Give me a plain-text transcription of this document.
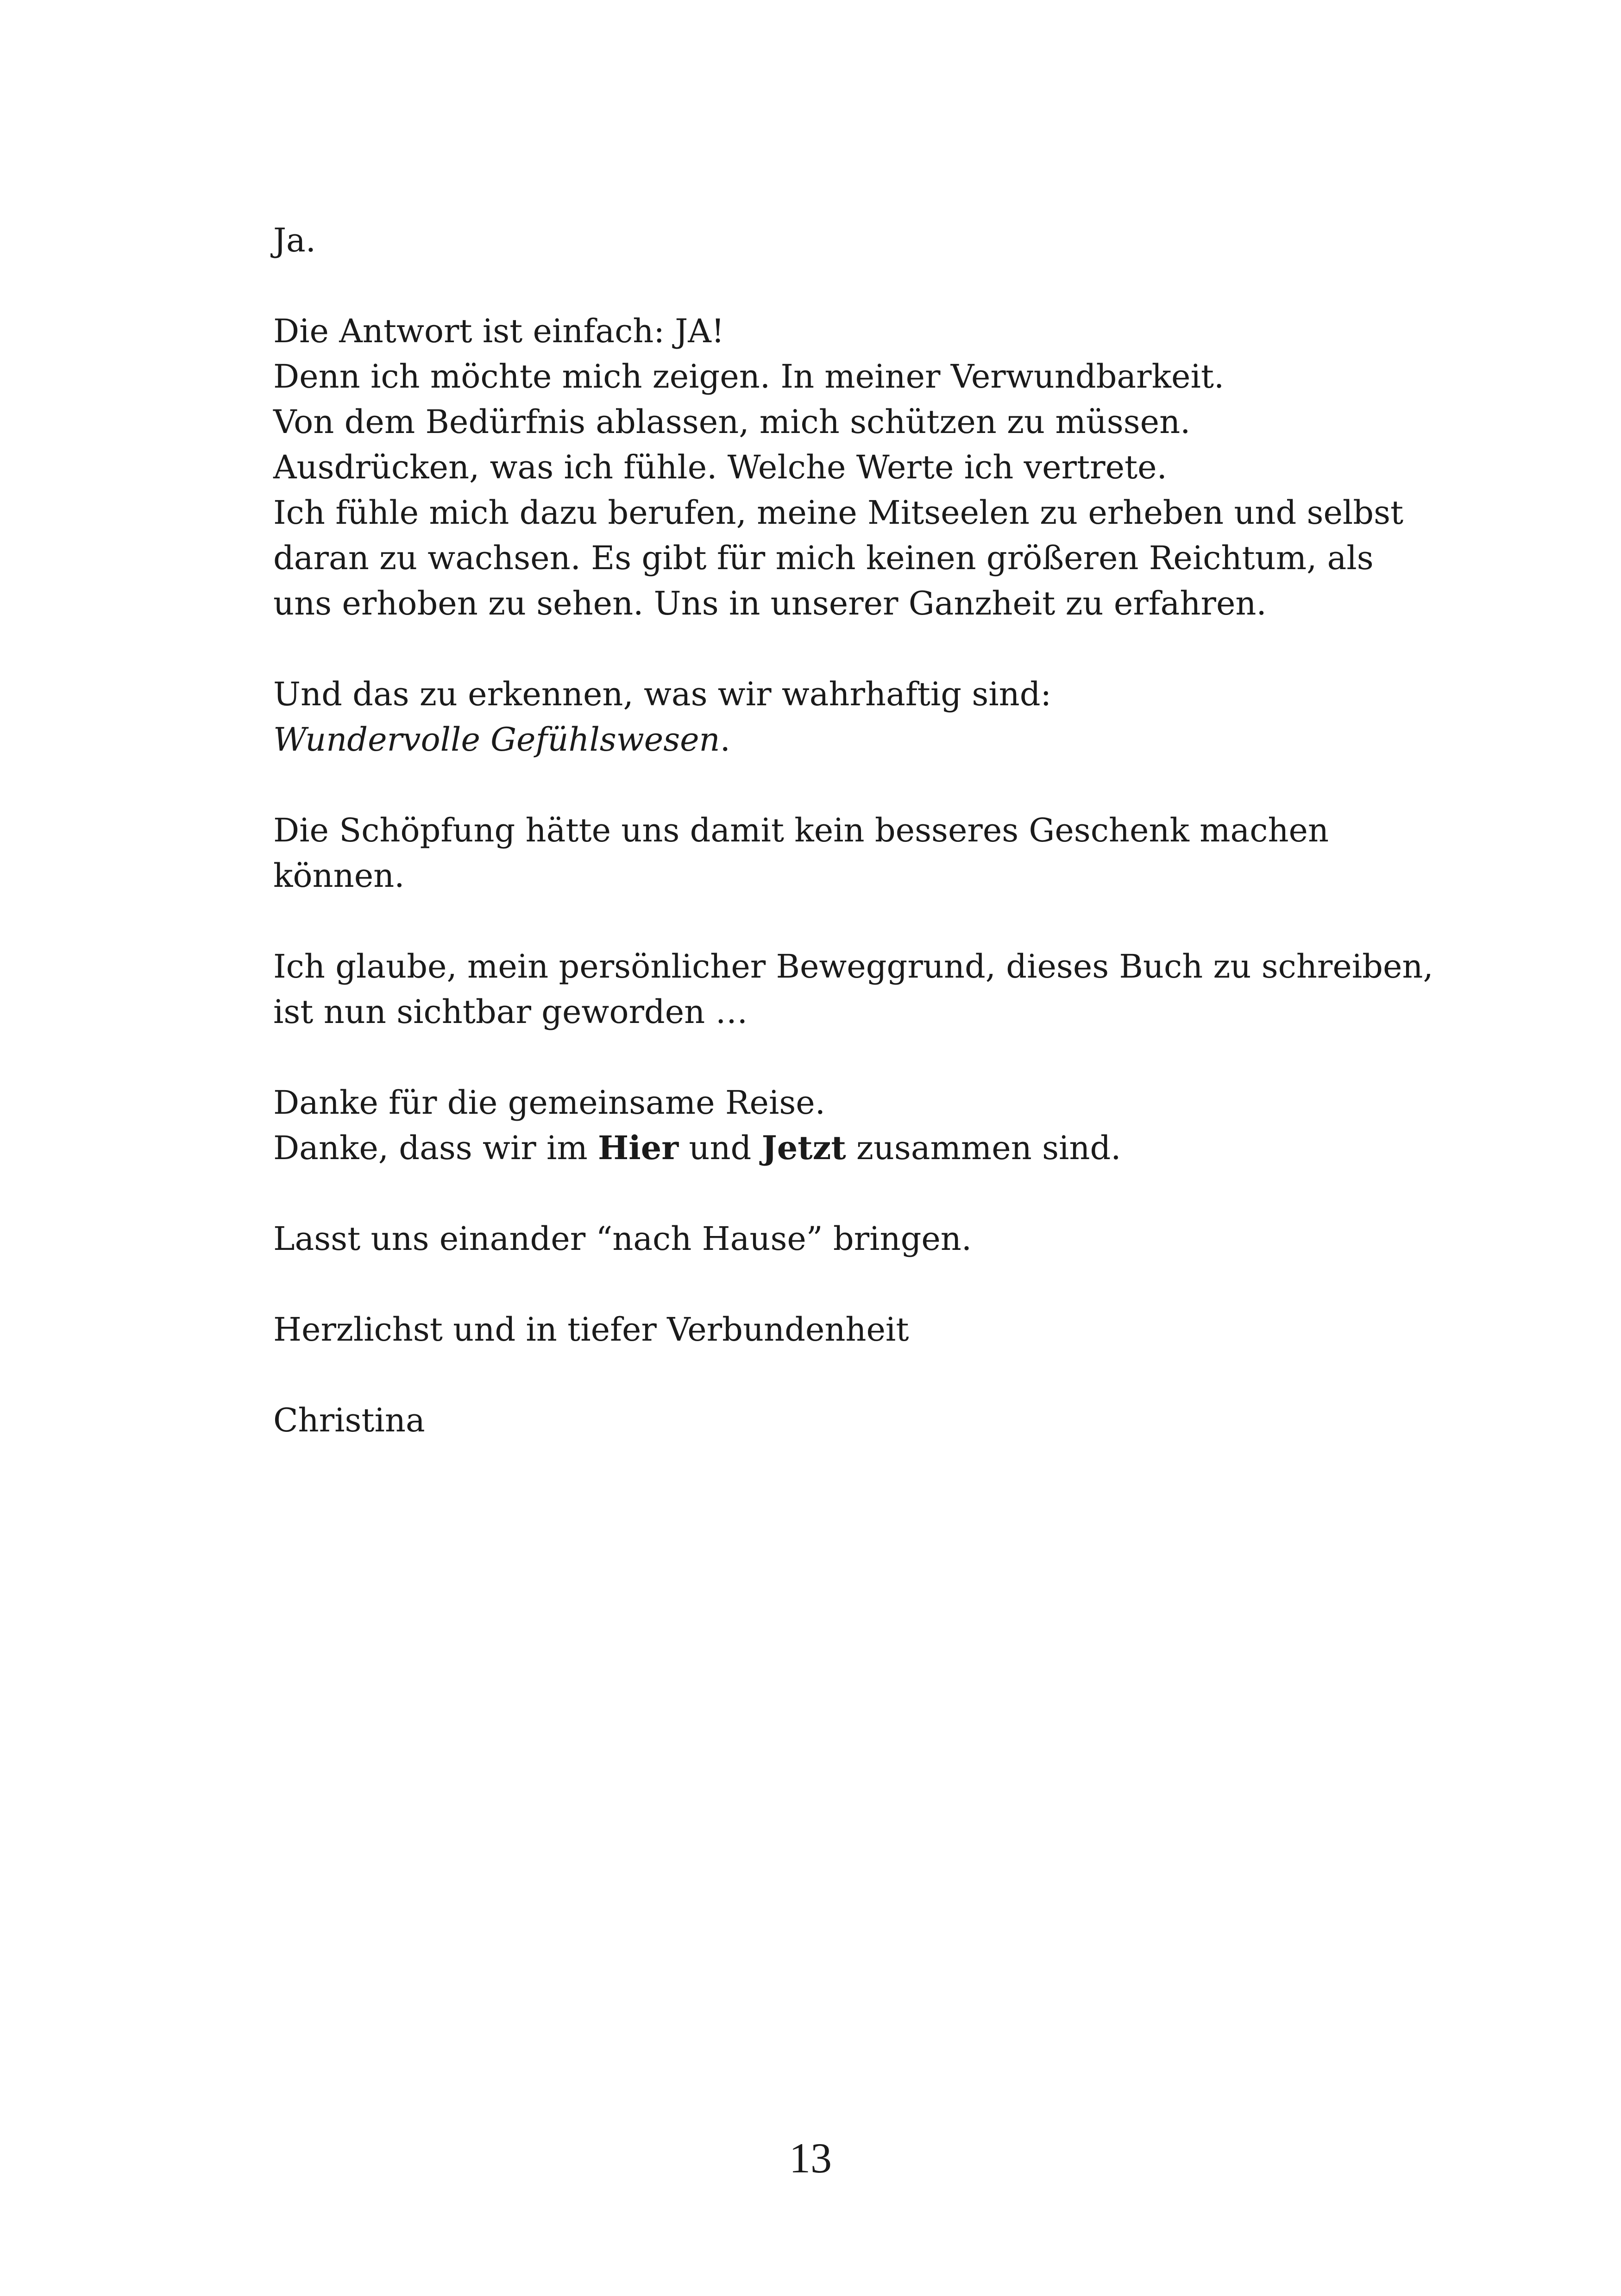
Ja.

Die Antwort ist einfach: JA!
Denn ich möchte mich zeigen. In meiner Verwundbarkeit.
Von dem Bedürfnis ablassen, mich schützen zu müssen.
Ausdrücken, was ich fühle. Welche Werte ich vertrete.
Ich fühle mich dazu berufen, meine Mitseelen zu erheben und selbst
daran zu wachsen. Es gibt für mich keinen größeren Reichtum, als
uns erhoben zu sehen. Uns in unserer Ganzheit zu erfahren.

Und das zu erkennen, was wir wahrhaftig sind:
Wundervolle Gefühlswesen.

Die Schöpfung hätte uns damit kein besseres Geschenk machen
können.

Ich glaube, mein persönlicher Beweggrund, dieses Buch zu schreiben,
ist nun sichtbar geworden …

Danke für die gemeinsame Reise.
Danke, dass wir im Hier und Jetzt zusammen sind.

Lasst uns einander “nach Hause” bringen.

Herzlichst und in tiefer Verbundenheit

Christina

13
